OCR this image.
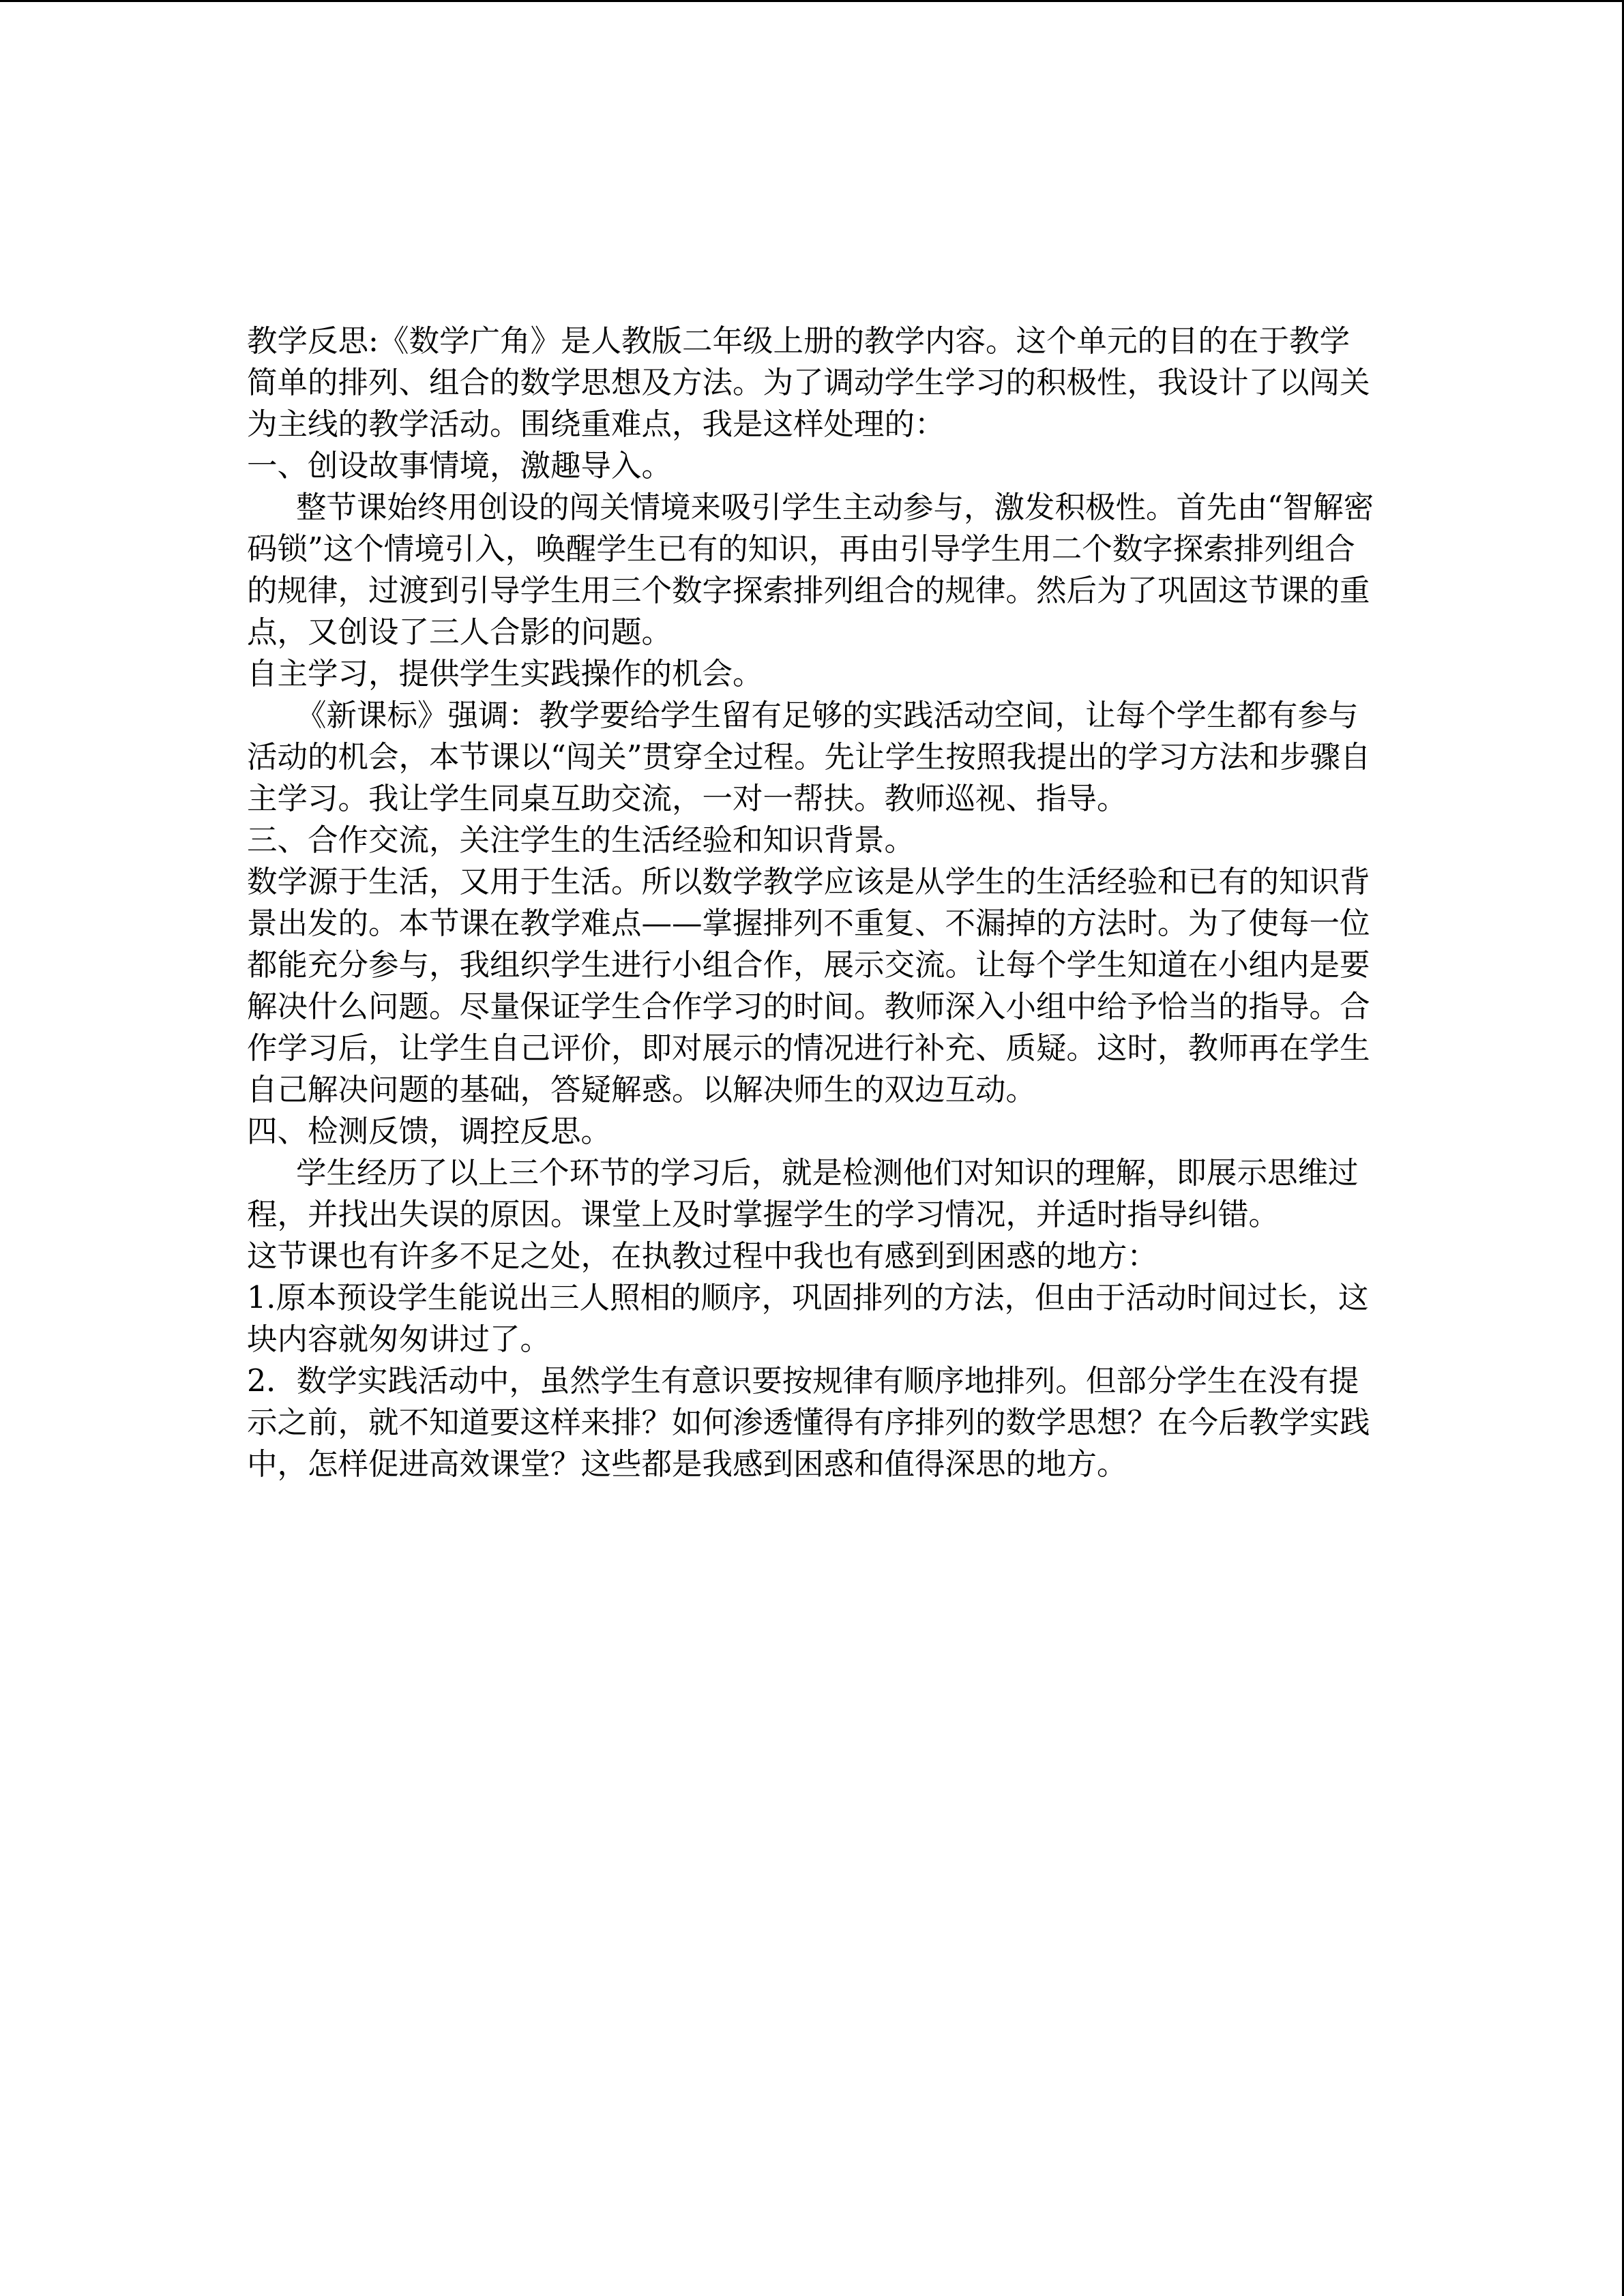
教学反思:《数学广角》是人教版二年级上册的教学内容。这个单元的目的在于教学简单的排列、组合的数学思想及方法。为了调动学生学习的积极性，我设计了以闯关为主线的教学活动。围绕重难点，我是这样处理的：

一、创设故事情境，激趣导入。

整节课始终用创设的闯关情境来吸引学生主动参与，激发积极性。首先由“智解密码锁”这个情境引入，唤醒学生已有的知识，再由引导学生用二个数字探索排列组合的规律，过渡到引导学生用三个数字探索排列组合的规律。然后为了巩固这节课的重点，又创设了三人合影的问题。

自主学习，提供学生实践操作的机会。

《新课标》强调：教学要给学生留有足够的实践活动空间，让每个学生都有参与活动的机会，本节课以“闯关”贯穿全过程。先让学生按照我提出的学习方法和步骤自主学习。我让学生同桌互助交流，一对一帮扶。教师巡视、指导。

三、合作交流，关注学生的生活经验和知识背景。

数学源于生活，又用于生活。所以数学教学应该是从学生的生活经验和已有的知识背景出发的。本节课在教学难点——掌握排列不重复、不漏掉的方法时。为了使每一位都能充分参与，我组织学生进行小组合作，展示交流。让每个学生知道在小组内是要解决什么问题。尽量保证学生合作学习的时间。教师深入小组中给予恰当的指导。合作学习后，让学生自己评价，即对展示的情况进行补充、质疑。这时，教师再在学生自己解决问题的基础，答疑解惑。以解决师生的双边互动。

四、检测反馈，调控反思。

学生经历了以上三个环节的学习后，就是检测他们对知识的理解，即展示思维过程，并找出失误的原因。课堂上及时掌握学生的学习情况，并适时指导纠错。

这节课也有许多不足之处，在执教过程中我也有感到到困惑的地方：

1.原本预设学生能说出三人照相的顺序，巩固排列的方法，但由于活动时间过长，这块内容就匆匆讲过了。

2．数学实践活动中，虽然学生有意识要按规律有顺序地排列。但部分学生在没有提示之前，就不知道要这样来排？如何渗透懂得有序排列的数学思想？在今后教学实践中，怎样促进高效课堂？这些都是我感到困惑和值得深思的地方。
